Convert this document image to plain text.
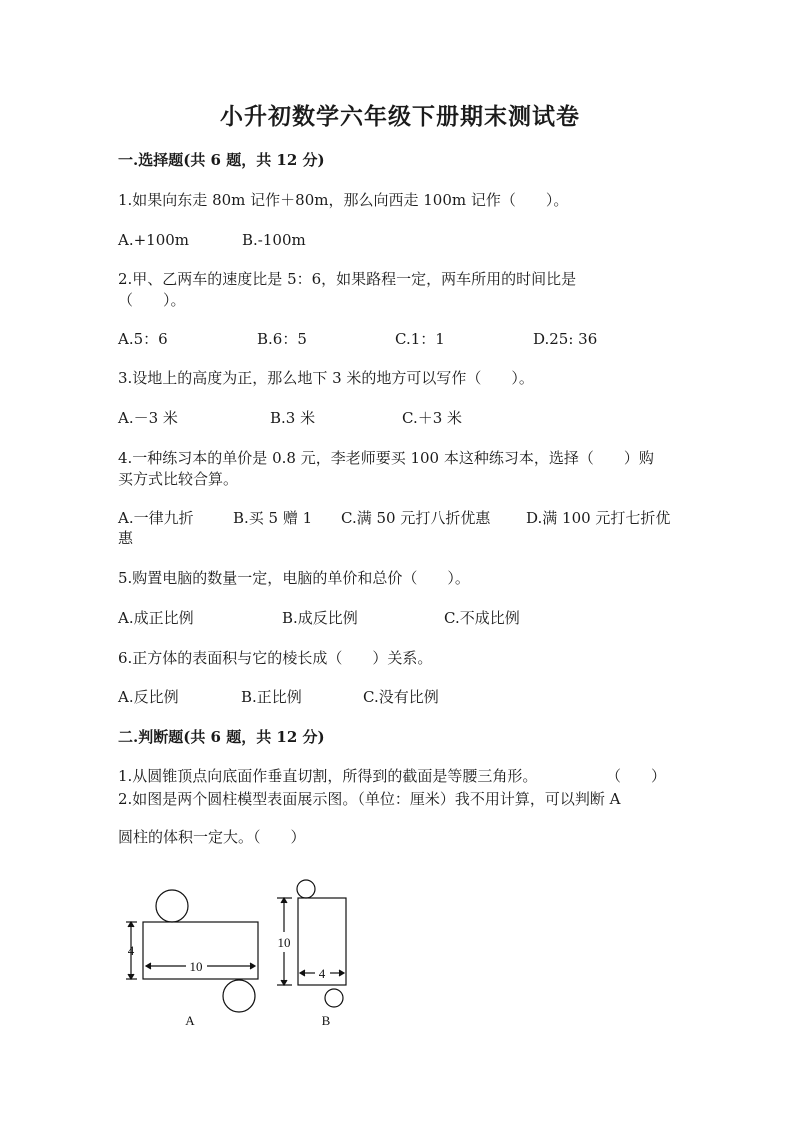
小升初数学六年级下册期末测试卷
一.选择题(共 6 题，共 12 分)
1.如果向东走 80m 记作＋80m，那么向西走 100m 记作（　　）。
A.+100m	B.-100m
2.甲、乙两车的速度比是 5：6，如果路程一定，两车所用的时间比是
（　　）。
A.5：6	B.6：5	C.1：1	D.25: 36
3.设地上的高度为正，那么地下 3 米的地方可以写作（　　）。
A.－3 米	B.3 米	C.＋3 米
4.一种练习本的单价是 0.8 元，李老师要买 100 本这种练习本，选择（　　）购
买方式比较合算。
A.一律九折	B.买 5 赠 1 C.满 50 元打八折优惠 D.满 100 元打七折优
惠
5.购置电脑的数量一定，电脑的单价和总价（　　）。
A.成正比例	B.成反比例	C.不成比例
6.正方体的表面积与它的棱长成（　　）关系。
A.反比例	B.正比例	C.没有比例
二.判断题(共 6 题，共 12 分)
1.从圆锥顶点向底面作垂直切割，所得到的截面是等腰三角形。	（　　）
2.如图是两个圆柱模型表面展示图。（单位：厘米）我不用计算，可以判断 A
圆柱的体积一定大。（　　）
4
10
A
10
4
B
